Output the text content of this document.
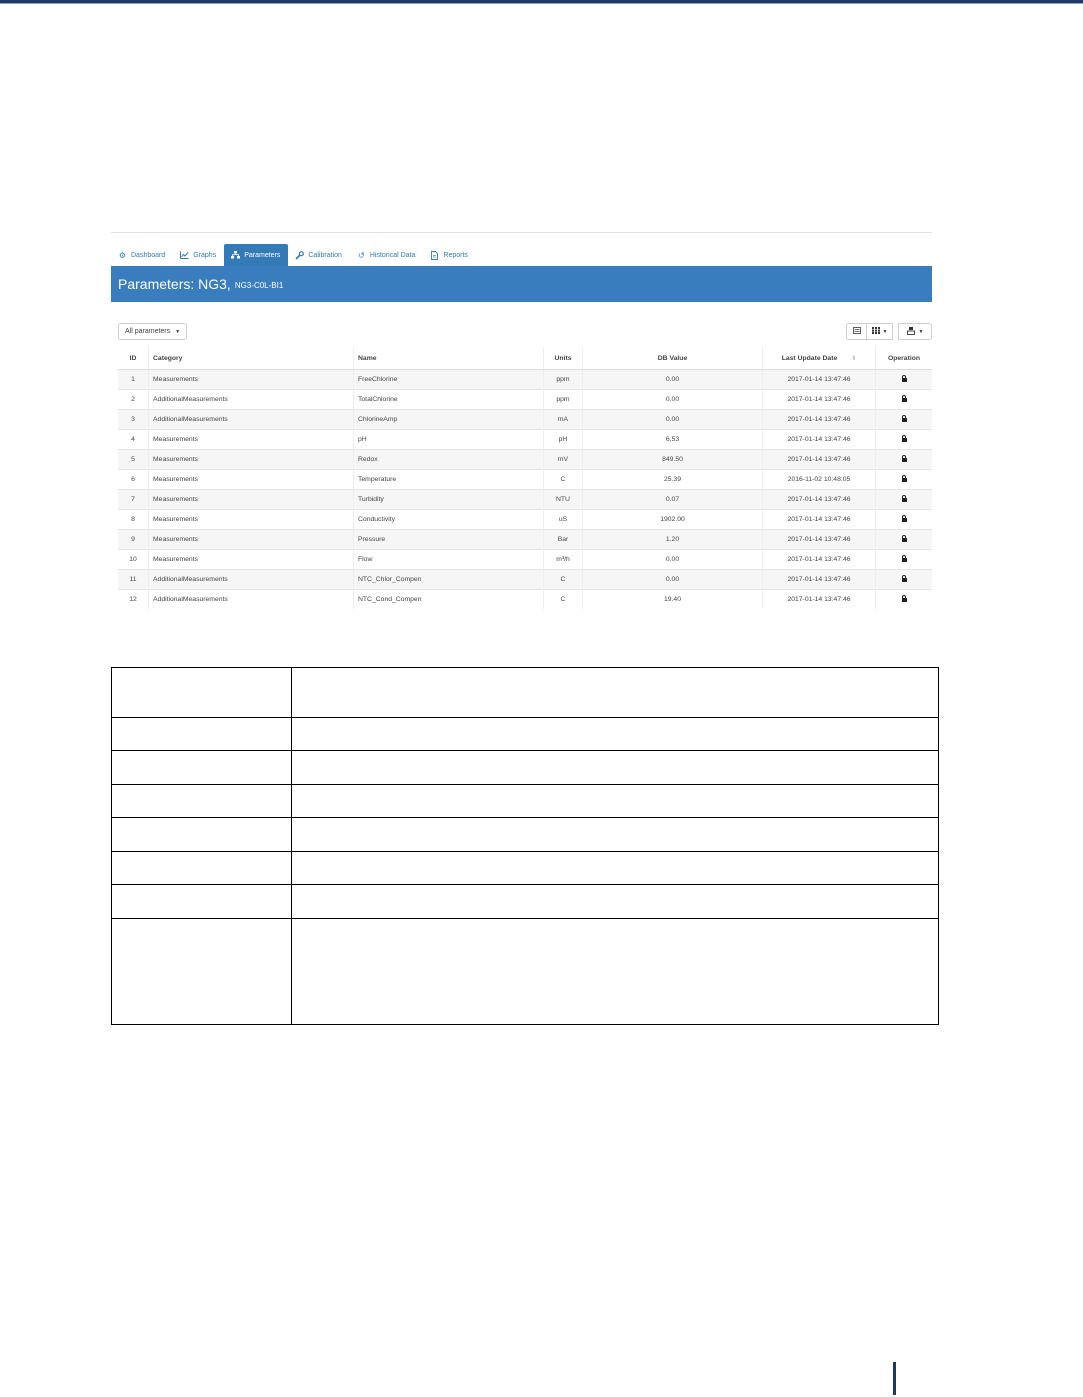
⚙ Dashboard	Graphs	Parameters	Calibration ↺ Historical Data	Reports
Parameters: NG3, NG3-C0L-BI1
All parameters ▼	▼	▼
ID	Category	Name	Units	DB Value	Last Update Date ⇕	Operation
1	Measurements	FreeChlorine	ppm	0.00	2017-01-14 13:47:46	
2	AdditionalMeasurements	TotalChlorine	ppm	0.00	2017-01-14 13:47:46	
3	AdditionalMeasurements	ChlorineAmp	mA	0.00	2017-01-14 13:47:46	
4	Measurements	pH	pH	6.53	2017-01-14 13:47:46	
5	Measurements	Redox	mV	849.50	2017-01-14 13:47:46	
6	Measurements	Temperature	C	25.39	2016-11-02 10:48:05	
7	Measurements	Turbidity	NTU	0.07	2017-01-14 13:47:46	
8	Measurements	Conductivity	uS	1902.00	2017-01-14 13:47:46	
9	Measurements	Pressure	Bar	1.20	2017-01-14 13:47:46	
10	Measurements	Flow	m³/h	0.00	2017-01-14 13:47:46	
11	AdditionalMeasurements	NTC_Chlor_Compen	C	0.00	2017-01-14 13:47:46	
12	AdditionalMeasurements	NTC_Cond_Compen	C	19.40	2017-01-14 13:47:46	
